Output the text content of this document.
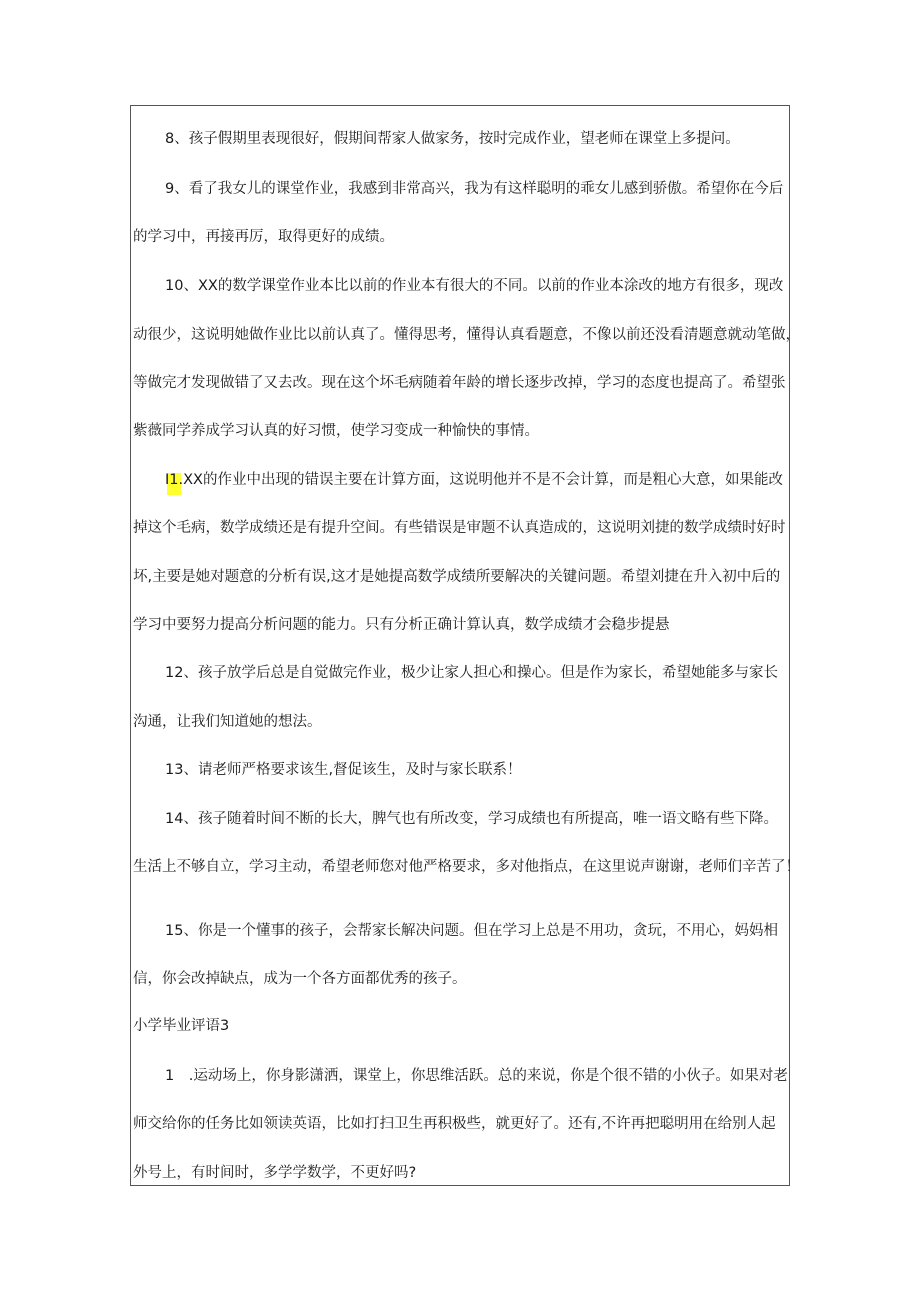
8、孩子假期里表现很好，假期间帮家人做家务，按时完成作业，望老师在课堂上多提问。

9、看了我女儿的课堂作业，我感到非常高兴，我为有这样聪明的乖女儿感到骄傲。希望你在今后

的学习中，再接再厉，取得更好的成绩。

10、XX的数学课堂作业本比以前的作业本有很大的不同。以前的作业本涂改的地方有很多，现改

动很少，这说明她做作业比以前认真了。懂得思考，懂得认真看题意，不像以前还没看清题意就动笔做，

等做完才发现做错了又去改。现在这个坏毛病随着年龄的增长逐步改掉，学习的态度也提高了。希望张

紫薇同学养成学习认真的好习惯，使学习变成一种愉快的事情。

I1.XX的作业中出现的错误主要在计算方面，这说明他并不是不会计算，而是粗心大意，如果能改

掉这个毛病，数学成绩还是有提升空间。有些错误是审题不认真造成的，这说明刘捷的数学成绩时好时

坏,主要是她对题意的分析有误,这才是她提高数学成绩所要解决的关键问题。希望刘捷在升入初中后的

学习中要努力提高分析问题的能力。只有分析正确计算认真，数学成绩才会稳步提悬

12、孩子放学后总是自觉做完作业，极少让家人担心和操心。但是作为家长，希望她能多与家长

沟通，让我们知道她的想法。

13、请老师严格要求该生,督促该生，及时与家长联系！

14、孩子随着时间不断的长大，脾气也有所改变，学习成绩也有所提高，唯一语文略有些下降。

生活上不够自立，学习主动，希望老师您对他严格要求，多对他指点，在这里说声谢谢，老师们辛苦了！

15、你是一个懂事的孩子，会帮家长解决问题。但在学习上总是不用功，贪玩，不用心，妈妈相

信，你会改掉缺点，成为一个各方面都优秀的孩子。

小学毕业评语3

1　.运动场上，你身影潇洒，课堂上，你思维活跃。总的来说，你是个很不错的小伙子。如果对老

师交给你的任务比如领读英语，比如打扫卫生再积极些，就更好了。还有,不许再把聪明用在给别人起

外号上，有时间时，多学学数学，不更好吗?
